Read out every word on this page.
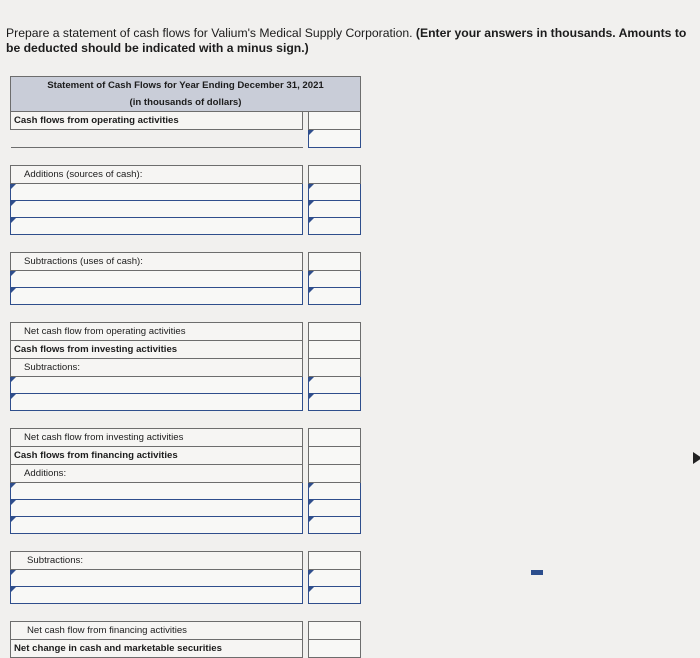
Prepare a statement of cash flows for Valium's Medical Supply Corporation. (Enter your answers in thousands. Amounts to be deducted should be indicated with a minus sign.)
Statement of Cash Flows for Year Ending December 31, 2021		
(in thousands of dollars)		
Cash flows from operating activities		

Additions (sources of cash):		

Subtractions (uses of cash):		

Net cash flow from operating activities		
Cash flows from investing activities		
Subtractions:		

Net cash flow from investing activities		
Cash flows from financing activities		
Additions:		

Subtractions:		

Net cash flow from financing activities		
Net change in cash and marketable securities		
